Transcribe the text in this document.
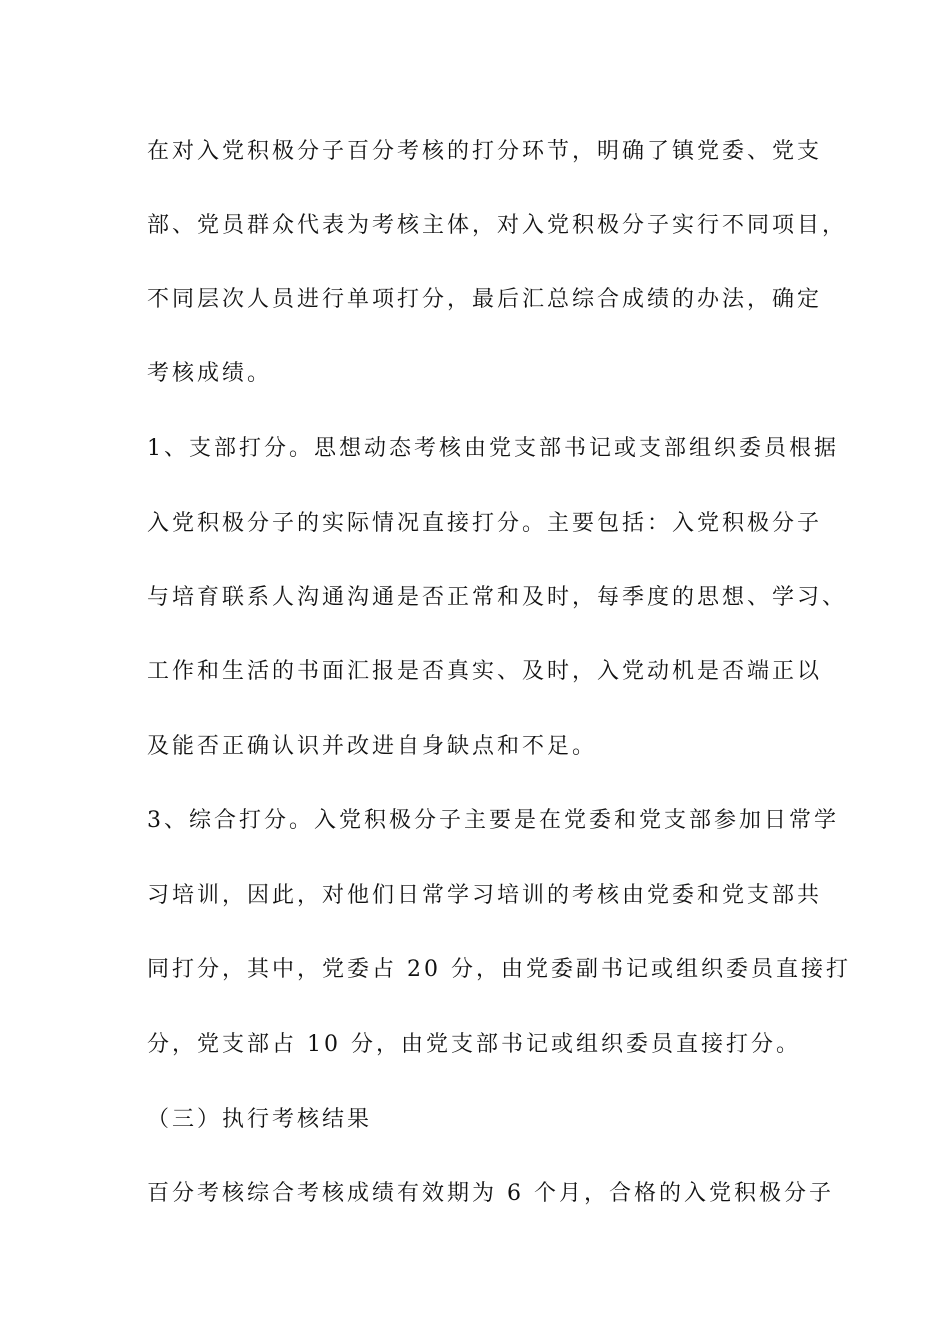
在对入党积极分子百分考核的打分环节，明确了镇党委、党支
部、党员群众代表为考核主体，对入党积极分子实行不同项目，
不同层次人员进行单项打分，最后汇总综合成绩的办法，确定
考核成绩。
1、支部打分。思想动态考核由党支部书记或支部组织委员根据
入党积极分子的实际情况直接打分。主要包括：入党积极分子
与培育联系人沟通沟通是否正常和及时，每季度的思想、学习、
工作和生活的书面汇报是否真实、及时，入党动机是否端正以
及能否正确认识并改进自身缺点和不足。
3、综合打分。入党积极分子主要是在党委和党支部参加日常学
习培训，因此，对他们日常学习培训的考核由党委和党支部共
同打分，其中，党委占 20 分，由党委副书记或组织委员直接打
分，党支部占 10 分，由党支部书记或组织委员直接打分。
（三）执行考核结果
百分考核综合考核成绩有效期为 6 个月，合格的入党积极分子
